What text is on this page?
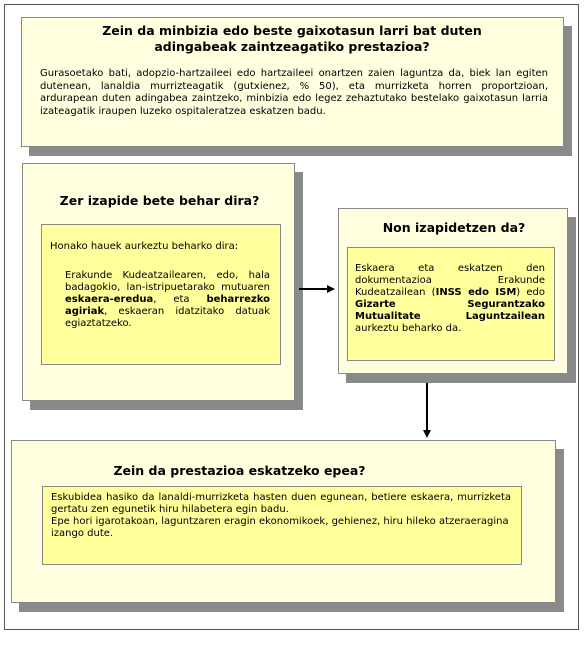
Zein da minbizia edo beste gaixotasun larri bat duten adingabeak zaintzeagatiko prestazioa?
Gurasoetako bati, adopzio-hartzaileei edo hartzaileei onartzen zaien laguntza da, biek lan egiten dutenean, lanaldia murrizteagatik (gutxienez, % 50), eta murrizketa horren proportzioan, ardurapean duten adingabea zaintzeko, minbizia edo legez zehaztutako bestelako gaixotasun larria izateagatik iraupen luzeko ospitaleratzea eskatzen badu.
Zer izapide bete behar dira?
Honako hauek aurkeztu beharko dira:
Erakunde Kudeatzailearen, edo, hala badagokio, lan-istripuetarako mutuaren eskaera-eredua, eta beharrezko agiriak, eskaeran idatzitako datuak egiaztatzeko.
Non izapidetzen da?
Eskaera eta eskatzen den dokumentazioa Erakunde Kudeatzailean (INSS edo ISM) edo Gizarte Segurantzako Mutualitate Laguntzailean aurkeztu beharko da.
Zein da prestazioa eskatzeko epea?
Eskubidea hasiko da lanaldi-murrizketa hasten duen egunean, betiere eskaera, murrizketa gertatu zen egunetik hiru hilabetera egin badu.
Epe hori igarotakoan, laguntzaren eragin ekonomikoek, gehienez, hiru hileko atzeraeragina izango dute.
